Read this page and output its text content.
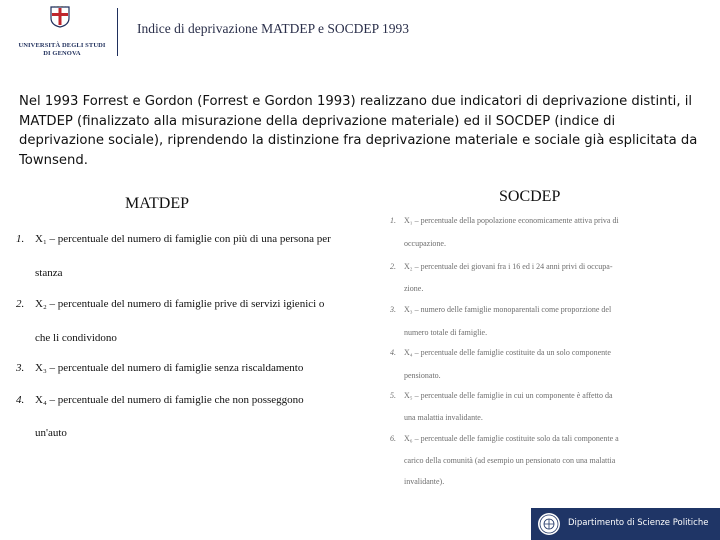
UNIVERSITÀ DEGLI STUDI
DI GENOVA
Indice di deprivazione MATDEP e SOCDEP 1993
Nel 1993 Forrest e Gordon (Forrest e Gordon 1993) realizzano due indicatori di deprivazione distinti, il MATDEP (finalizzato alla misurazione della deprivazione materiale) ed il SOCDEP (indice di deprivazione sociale), riprendendo la distinzione fra deprivazione materiale e sociale già esplicitata da Townsend.
MATDEP	SOCDEP
1. X₁ – percentuale del numero di famiglie con più di una persona per
stanza
2. X₂ – percentuale del numero di famiglie prive di servizi igienici o
che li condividono
3. X₃ – percentuale del numero di famiglie senza riscaldamento
4. X₄ – percentuale del numero di famiglie che non posseggono
un'auto
1. X₁ – percentuale della popolazione economicamente attiva priva di
occupazione.
2. X₂ – percentuale dei giovani fra i 16 ed i 24 anni privi di occupa-
zione.
3. X₃ – numero delle famiglie monoparentali come proporzione del
numero totale di famiglie.
4. X₄ – percentuale delle famiglie costituite da un solo componente
pensionato.
5. X₅ – percentuale delle famiglie in cui un componente è affetto da
una malattia invalidante.
6. X₆ – percentuale delle famiglie costituite solo da tali componente a
carico della comunità (ad esempio un pensionato con una malattia
invalidante).
Dipartimento di Scienze Politiche
